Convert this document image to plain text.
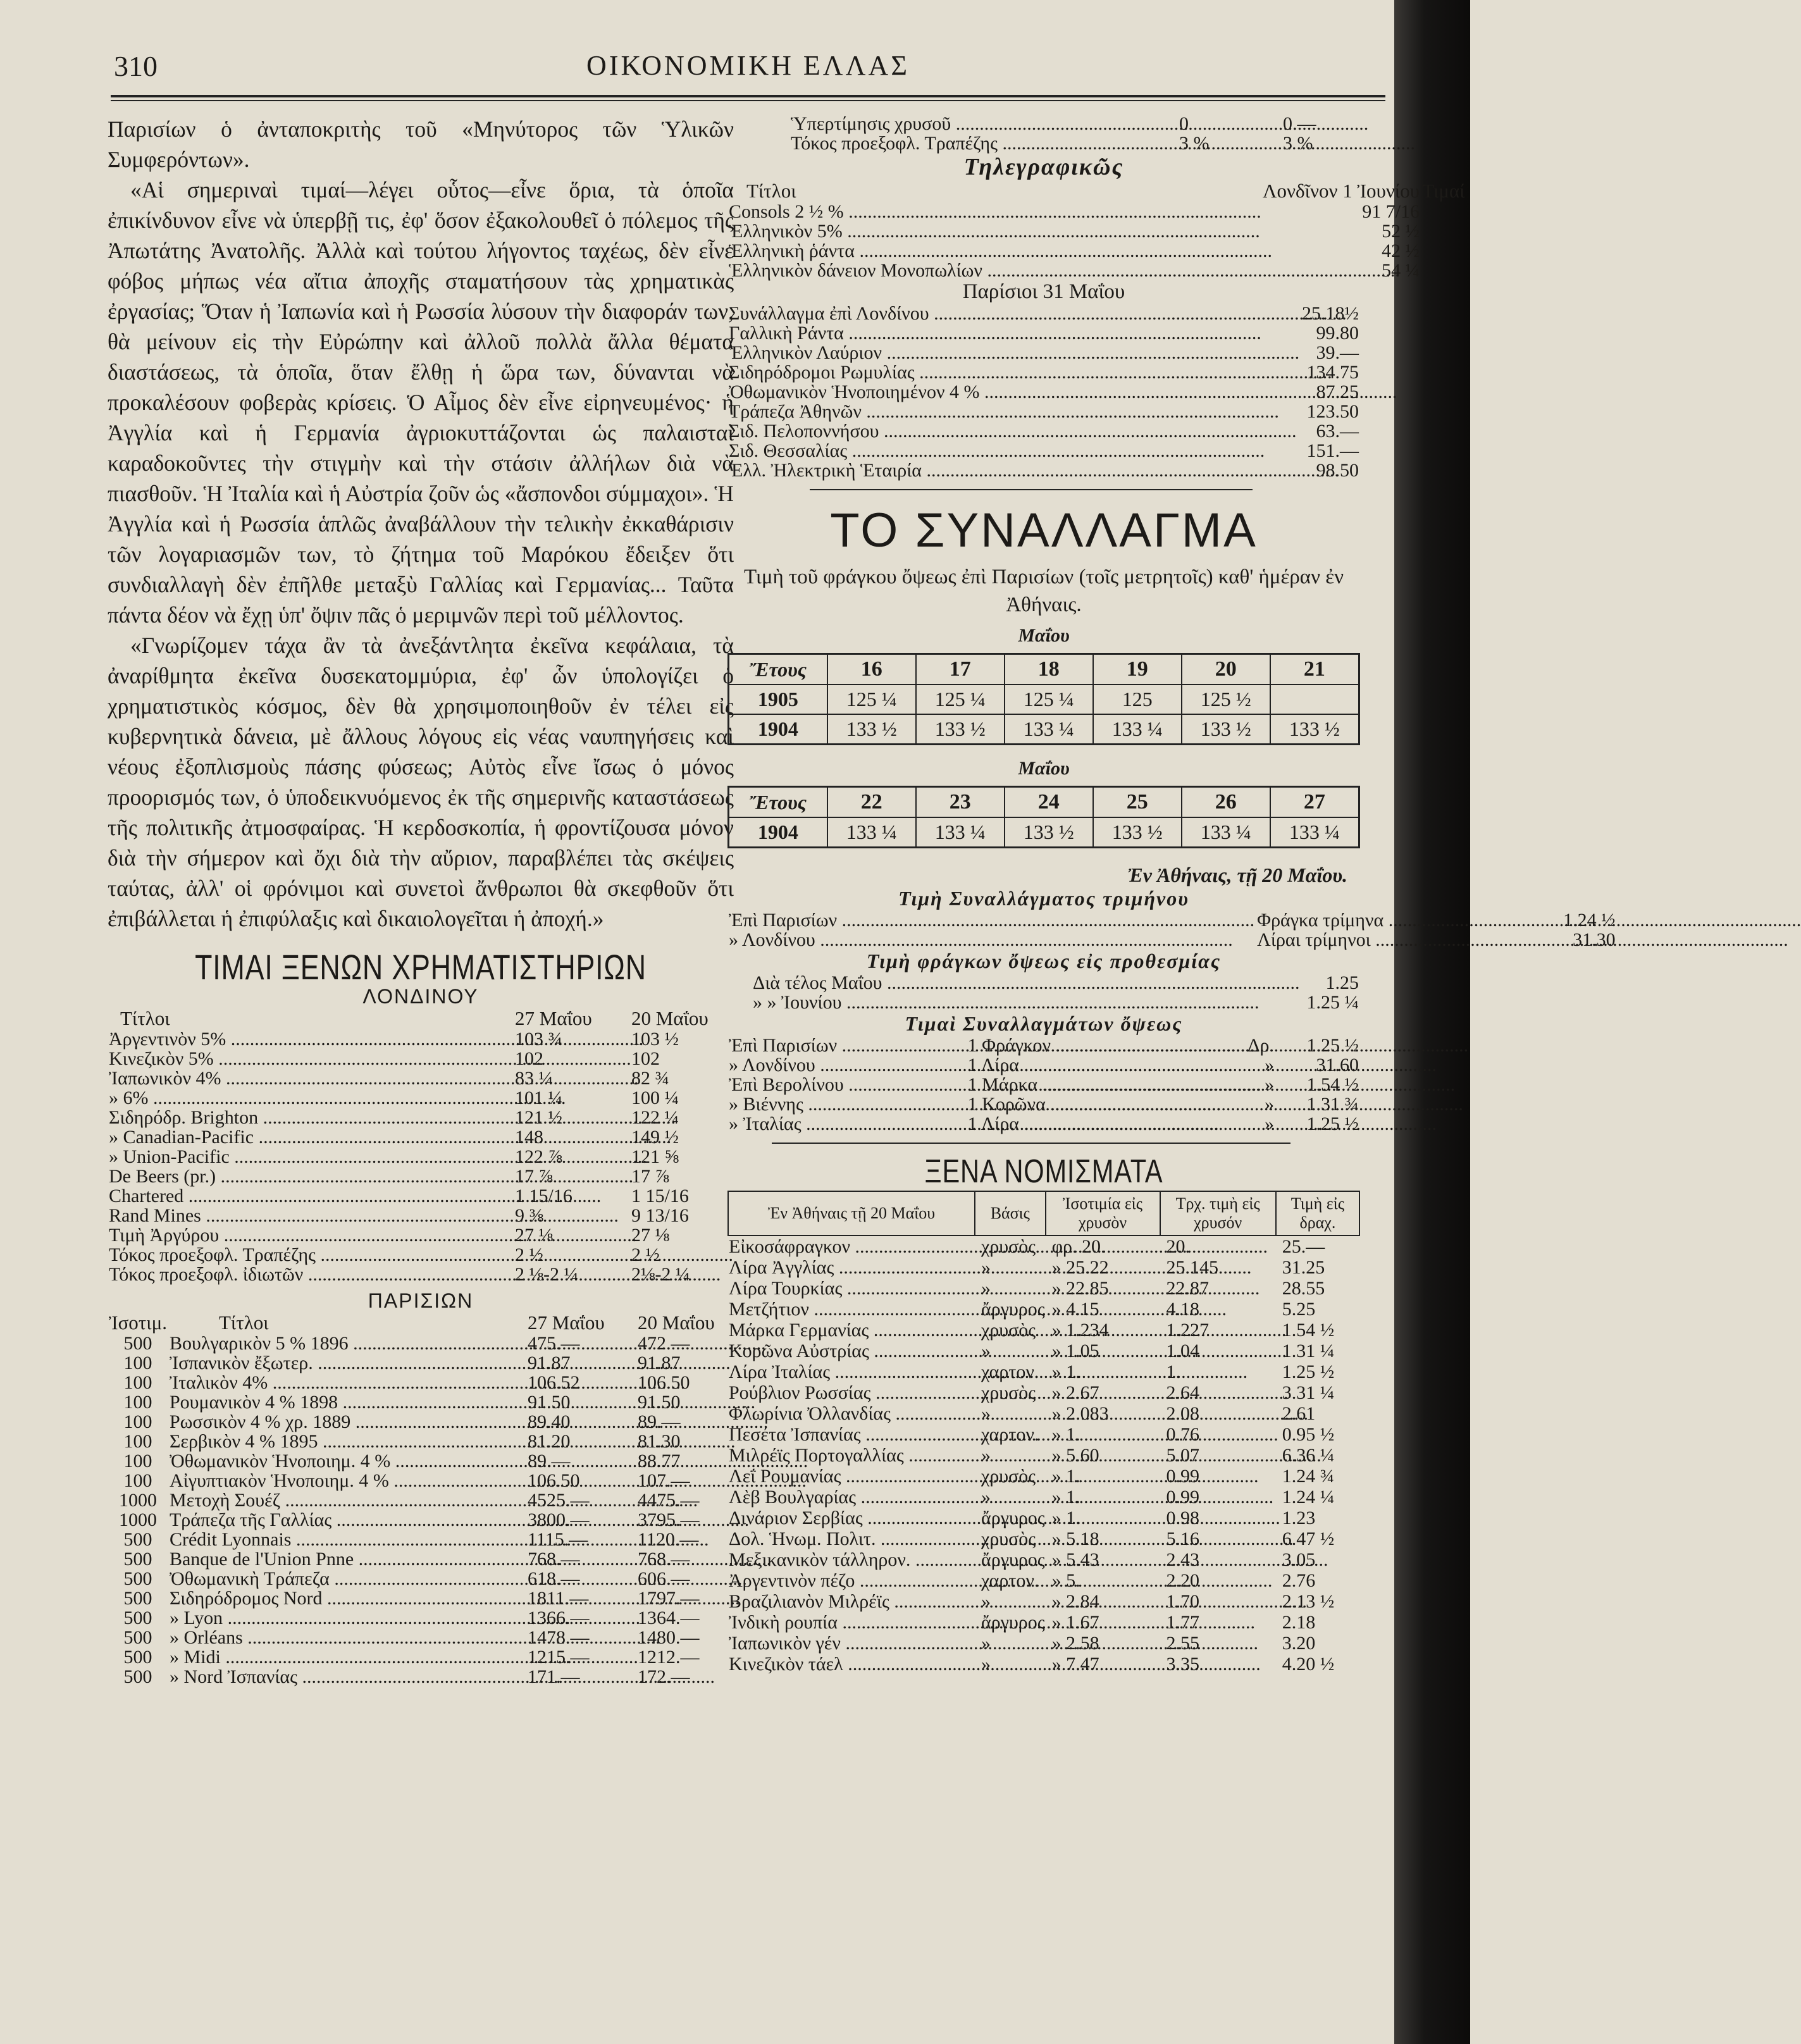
310	ΟΙΚΟΝΟΜΙΚΗ ΕΛΛΑΣ

Παρισίων ὁ ἀνταποκριτὴς τοῦ «Μηνύτορος τῶν Ὑλικῶν Συμφερόντων».

«Αἱ σημεριναὶ τιμαί—λέγει οὗτος—εἶνε ὅρια, τὰ ὁποῖα ἐπικίνδυνον εἶνε νὰ ὑπερβῇ τις, ἐφ' ὅσον ἐξακολουθεῖ ὁ πόλεμος τῆς Ἀπωτάτης Ἀνατολῆς. Ἀλλὰ καὶ τούτου λήγοντος ταχέως, δὲν εἶνε φόβος μήπως νέα αἴτια ἀποχῆς σταματήσουν τὰς χρηματικὰς ἐργασίας; Ὅταν ἡ Ἰαπωνία καὶ ἡ Ρωσσία λύσουν τὴν διαφοράν των, θὰ μείνουν εἰς τὴν Εὐρώπην καὶ ἀλλοῦ πολλὰ ἄλλα θέματα διαστάσεως, τὰ ὁποῖα, ὅταν ἔλθῃ ἡ ὥρα των, δύνανται νὰ προκαλέσουν φοβερὰς κρίσεις. Ὁ Αἶμος δὲν εἶνε εἰρηνευμένος· ἡ Ἀγγλία καὶ ἡ Γερμανία ἀγριοκυττάζονται ὡς παλαισταὶ καραδοκοῦντες τὴν στιγμὴν καὶ τὴν στάσιν ἀλλήλων διὰ νὰ πιασθοῦν. Ἡ Ἰταλία καὶ ἡ Αὐστρία ζοῦν ὡς «ἄσπονδοι σύμμαχοι». Ἡ Ἀγγλία καὶ ἡ Ρωσσία ἁπλῶς ἀναβάλλουν τὴν τελικὴν ἐκκαθάρισιν τῶν λογαριασμῶν των, τὸ ζήτημα τοῦ Μαρόκου ἔδειξεν ὅτι συνδιαλλαγὴ δὲν ἐπῆλθε μεταξὺ Γαλλίας καὶ Γερμανίας... Ταῦτα πάντα δέον νὰ ἔχῃ ὑπ' ὄψιν πᾶς ὁ μεριμνῶν περὶ τοῦ μέλλοντος.

«Γνωρίζομεν τάχα ἂν τὰ ἀνεξάντλητα ἐκεῖνα κεφάλαια, τὰ ἀναρίθμητα ἐκεῖνα δυσεκατομμύρια, ἐφ' ὧν ὑπολογίζει ὁ χρηματιστικὸς κόσμος, δὲν θὰ χρησιμοποιηθοῦν ἐν τέλει εἰς κυβερνητικὰ δάνεια, μὲ ἄλλους λόγους εἰς νέας ναυπηγήσεις καὶ νέους ἐξοπλισμοὺς πάσης φύσεως; Αὐτὸς εἶνε ἴσως ὁ μόνος προορισμός των, ὁ ὑποδεικνυόμενος ἐκ τῆς σημερινῆς καταστάσεως τῆς πολιτικῆς ἀτμοσφαίρας. Ἡ κερδοσκοπία, ἡ φροντίζουσα μόνον διὰ τὴν σήμερον καὶ ὄχι διὰ τὴν αὔριον, παραβλέπει τὰς σκέψεις ταύτας, ἀλλ' οἱ φρόνιμοι καὶ συνετοὶ ἄνθρωποι θὰ σκεφθοῦν ὅτι ἐπιβάλλεται ἡ ἐπιφύλαξις καὶ δικαιολογεῖται ἡ ἀποχή.»

ΤΙΜΑΙ ΞΕΝΩΝ ΧΡΗΜΑΤΙΣΤΗΡΙΩΝ
ΛΟΝΔΙΝΟΥ
Τίτλοι	27 Μαΐου	20 Μαΐου
Ἀργεντινὸν 5% .....	103 ¾	103 ½
Κινεζικὸν 5% .....	102	102
Ἰαπωνικὸν 4% .....	83 ¼	82 ¾
» 6% .....	101 ¼	100 ¼
Σιδηρόδρ. Brighton .....	121 ½	122 ¼
» Canadian-Pacific .....	148	149 ½
» Union-Pacific .....	122 ⅞	121 ⅝
De Beers (pr.) .....	17 ⅞	17 ⅞
Chartered .....	1 15/16	1 15/16
Rand Mines .....	9 ⅜	9 13/16
Τιμὴ Ἀργύρου .....	27 ⅛	27 ⅛
Τόκος προεξοφλ. Τραπέζης .....	2 ½	2 ½
Τόκος προεξοφλ. ἰδιωτῶν .....	2 ⅛-2 ¼	2⅛-2 ¼
ΠΑΡΙΣΙΩΝ
Ἰσοτιμ.	Τίτλοι	27 Μαΐου	20 Μαΐου
500	Βουλγαρικὸν 5 % 1896 .....	475.—	472.—
100	Ἰσπανικὸν ἔξωτερ. .....	91.87	91.87
100	Ἰταλικὸν 4% .....	106.52	106.50
100	Ρουμανικὸν 4 % 1898 .....	91.50	91.50
100	Ρωσσικὸν 4 % χρ. 1889 .....	89.40	89.—
100	Σερβικὸν 4 % 1895 .....	81.20	81.30
100	Ὀθωμανικὸν Ἡνοποιημ. 4 % .....	89.—	88.77
100	Αἰγυπτιακὸν Ἡνοποιημ. 4 % .....	106.50	107.—
1000	Μετοχὴ Σουέζ .....	4525.—	4475.—
1000	Τράπεζα τῆς Γαλλίας .....	3800.—	3795.—
500	Crédit Lyonnais .....	1115.—	1120.—
500	Banque de l'Union Pnne .....	768.—	768.—
500	Ὀθωμανικὴ Τράπεζα .....	618.—	606.—
500	Σιδηρόδρομος Nord .....	1811.—	1797.—
500	» Lyon .....	1366.—	1364.—
500	» Orléans .....	1478.—	1480.—
500	» Midi .....	1215.—	1212.—
500	» Nord Ἰσπανίας .....	171.—	172.—
Ὑπερτίμησις χρυσοῦ .....	0	0.—
Τόκος προεξοφλ. Τραπέζης .....	3 %	3 %
Τηλεγραφικῶς
Τίτλοι	Λονδῖνον 1 Ἰουνίου	Τιμαί
Consols 2 ½ % .....	91 7/16	
Ἑλληνικὸν 5% .....	52 ½	
Ἑλληνικὴ ῥάντα .....	42 ½	
Ἑλληνικὸν δάνειον Μονοπωλίων .....	54 ¼	
Παρίσιοι 31 Μαΐου
Συνάλλαγμα ἐπὶ Λονδίνου .....	25.18½
Γαλλικὴ Ράντα .....	99.80
Ἑλληνικὸν Λαύριον .....	39.—
Σιδηρόδρομοι Ρωμυλίας .....	134.75
Ὀθωμανικὸν Ἡνοποιημένον 4 % .....	87.25
Τράπεζα Ἀθηνῶν .....	123.50
Σιδ. Πελοποννήσου .....	63.—
Σιδ. Θεσσαλίας .....	151.—
Ἑλλ. Ἠλεκτρικὴ Ἑταιρία .....	98.50
ΤΟ ΣΥΝΑΛΛΑΓΜΑ
Τιμὴ τοῦ φράγκου ὄψεως ἐπὶ Παρισίων (τοῖς μετρητοῖς) καθ' ἡμέραν ἐν Ἀθήναις.
Μαΐου
Ἔτους	16	17	18	19	20	21
1905	125 ¼	125 ¼	125 ¼	125	125 ½	
1904	133 ½	133 ½	133 ¼	133 ¼	133 ½	133 ½
Μαΐου
Ἔτους	22	23	24	25	26	27
1904	133 ¼	133 ¼	133 ½	133 ½	133 ¼	133 ¼
Ἐν Ἀθήναις, τῇ 20 Μαΐου.
Τιμὴ Συναλλάγματος τριμήνου
Ἐπὶ Παρισίων .....	Φράγκα τρίμηνα .....	1.24 ½
» Λονδίνου .....	Λίραι τρίμηνοι .....	31.30
Τιμὴ φράγκων ὄψεως εἰς προθεσμίας
Διὰ τέλος Μαΐου .....	1.25
» » Ἰουνίου .....	1.25 ¼
Τιμαὶ Συναλλαγμάτων ὄψεως
Ἐπὶ Παρισίων .....	1 Φράγκον .....	Δρ.	1.25 ½
» Λονδίνου .....	1 Λίρα .....	»	31.60
Ἐπὶ Βερολίνου .....	1 Μάρκα .....	»	1.54 ½
» Βιέννης .....	1 Κορῶνα .....	»	1.31 ¾
» Ἰταλίας .....	1 Λίρα .....	»	1.25 ½
ΞΕΝΑ ΝΟΜΙΣΜΑΤΑ
Ἐν Ἀθήναις τῇ 20 Μαΐου	Βάσις	Ἰσοτιμία εἰς χρυσὸν	Τρχ. τιμὴ εἰς χρυσόν	Τιμὴ εἰς δραχ.
Εἰκοσάφραγκον .....	χρυσὸς	φρ. 20.	20.	25.—
Λίρα Ἀγγλίας .....	»	» 25.22	25.145	31.25
Λίρα Τουρκίας .....	»	» 22.85	22.87	28.55
Μετζήτιον .....	ἄργυρος	» 4.15	4.18	5.25
Μάρκα Γερμανίας .....	χρυσὸς	» 1.234	1.227	1.54 ½
Κορῶνα Αὐστρίας .....	»	» 1.05	1.04	1.31 ¼
Λίρα Ἰταλίας .....	χαρτον.	» 1.	1.	1.25 ½
Ρούβλιον Ρωσσίας .....	χρυσὸς	» 2.67	2.64	3.31 ¼
Φλωρίνια Ὀλλανδίας .....	»	» 2.083	2.08	2.61
Πεσέτα Ἰσπανίας .....	χαρτον.	» 1.	0.76	0.95 ½
Μιλρέϊς Πορτογαλλίας .....	»	» 5.60	5.07	6.36 ¼
Λεΐ Ρουμανίας .....	χρυσὸς	» 1.	0.99	1.24 ¾
Λὲβ Βουλγαρίας .....	»	» 1.	0.99	1.24 ¼
Δινάριον Σερβίας .....	ἄργυρος	» 1.	0.98	1.23
Δολ. Ἡνωμ. Πολιτ. .....	χρυσὸς	» 5.18	5.16	6.47 ½
Μεξικανικὸν τάλληρον. .....	ἄργυρος	» 5.43	2.43	3.05
Ἀργεντινὸν πέζο .....	χαρτον.	» 5.	2.20	2.76
Βραζιλιανὸν Μιλρέϊς .....	»	» 2.84	1.70	2.13 ½
Ἰνδικὴ ρουπία .....	ἄργυρος	» 1.67	1.77	2.18
Ἰαπωνικὸν γέν .....	»	» 2.58	2.55	3.20
Κινεζικὸν τάελ .....	»	» 7.47	3.35	4.20 ½
